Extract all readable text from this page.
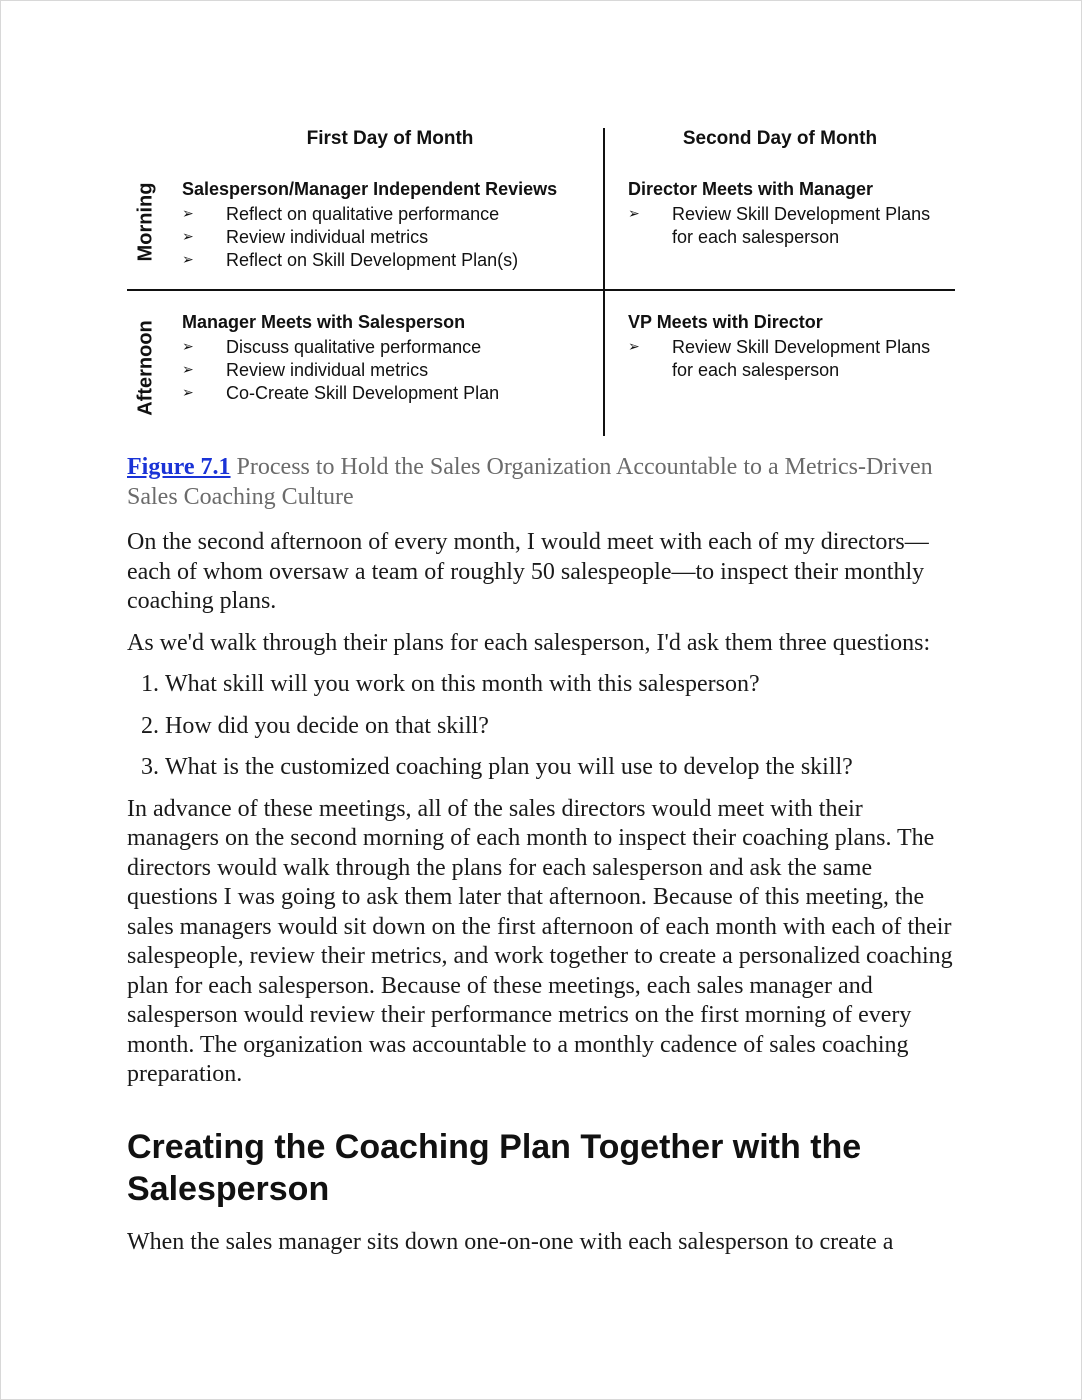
First Day of Month	Second Day of Month
Morning
Afternoon
Salesperson/Manager Independent Reviews
➢ Reflect on qualitative performance
➢ Review individual metrics
➢ Reflect on Skill Development Plan(s)
Director Meets with Manager
➢ Review Skill Development Plans
for each salesperson
Manager Meets with Salesperson
➢ Discuss qualitative performance
➢ Review individual metrics
➢ Co-Create Skill Development Plan
VP Meets with Director
➢ Review Skill Development Plans
for each salesperson
Figure 7.1 Process to Hold the Sales Organization Accountable to a Metrics-Driven Sales Coaching Culture

On the second afternoon of every month, I would meet with each of my directors—each of whom oversaw a team of roughly 50 salespeople—to inspect their monthly coaching plans.

As we'd walk through their plans for each salesperson, I'd ask them three questions:

1. What skill will you work on this month with this salesperson?
2. How did you decide on that skill?
3. What is the customized coaching plan you will use to develop the skill?

In advance of these meetings, all of the sales directors would meet with their managers on the second morning of each month to inspect their coaching plans. The directors would walk through the plans for each salesperson and ask the same questions I was going to ask them later that afternoon. Because of this meeting, the sales managers would sit down on the first afternoon of each month with each of their salespeople, review their metrics, and work together to create a personalized coaching plan for each salesperson. Because of these meetings, each sales manager and salesperson would review their performance metrics on the first morning of every month. The organization was accountable to a monthly cadence of sales coaching preparation.

Creating the Coaching Plan Together with the Salesperson

When the sales manager sits down one-on-one with each salesperson to create a
